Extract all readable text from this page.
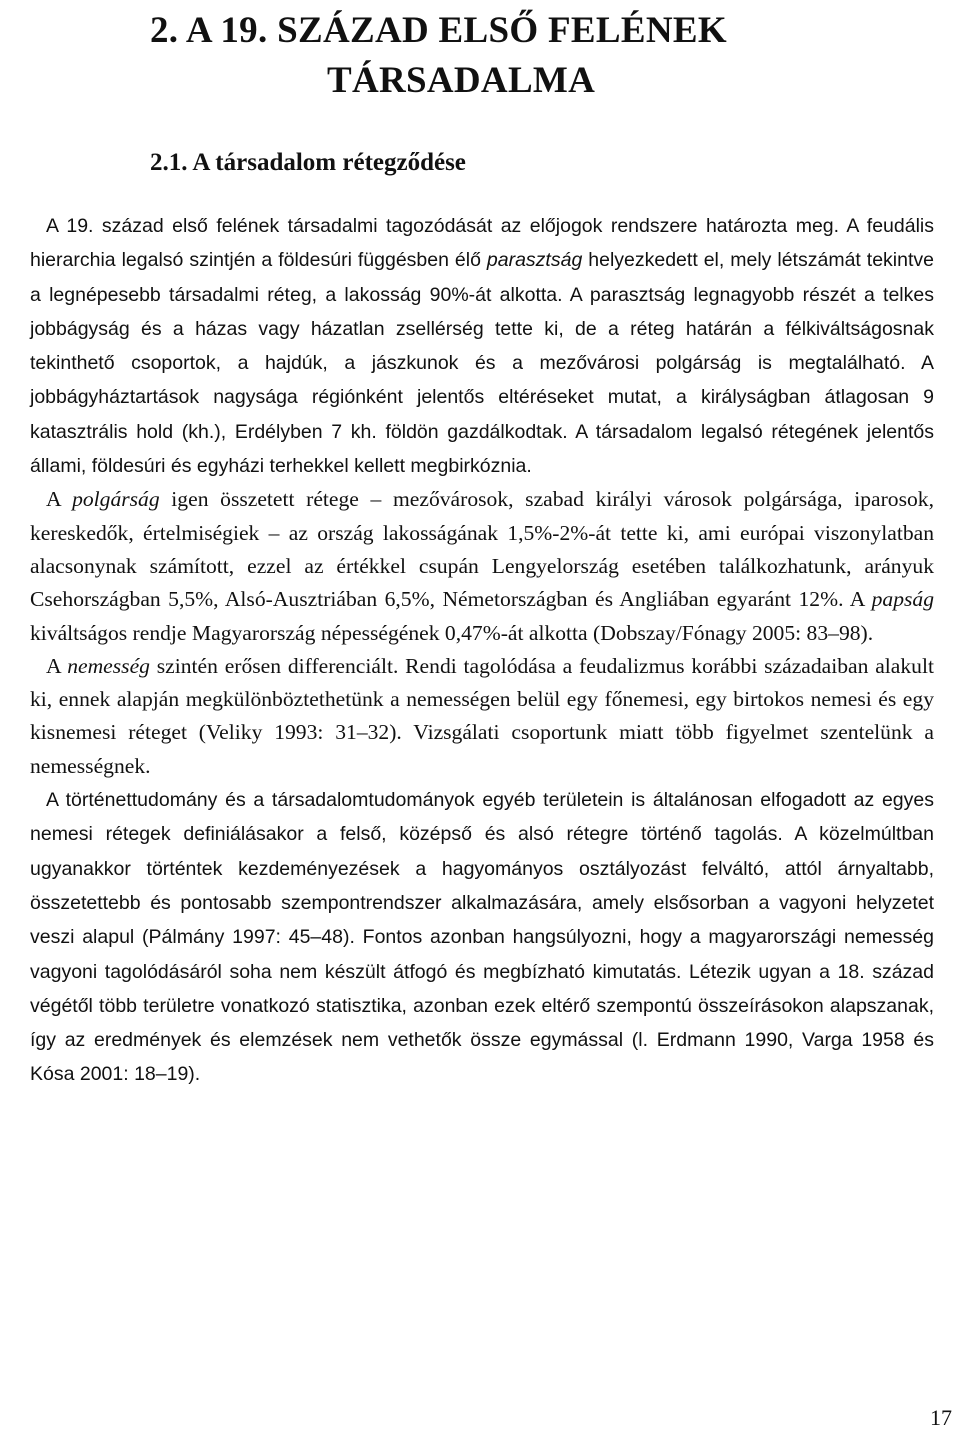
2. A 19. SZÁZAD ELSŐ FELÉNEK
TÁRSADALMA
2.1. A társadalom rétegződése

A 19. század első felének társadalmi tagozódását az előjogok rendszere határozta meg. A feudális hierarchia legalsó szintjén a földesúri függésben élő parasztság helyezkedett el, mely létszámát tekintve a legnépesebb társadalmi réteg, a lakosság 90%-át alkotta. A parasztság legnagyobb részét a telkes jobbágyság és a házas vagy házatlan zsellérség tette ki, de a réteg határán a félkiváltságosnak tekinthető csoportok, a hajdúk, a jászkunok és a mezővárosi polgárság is megtalálható. A jobbágyháztartások nagysága régiónként jelentős eltéréseket mutat, a királyságban átlagosan 9 katasztrális hold (kh.), Erdélyben 7 kh. földön gazdálkodtak. A társadalom legalsó rétegének jelentős állami, földesúri és egyházi terhekkel kellett megbirkóznia.

A polgárság igen összetett rétege – mezővárosok, szabad királyi városok polgársága, iparosok, kereskedők, értelmiségiek – az ország lakosságának 1,5%-2%-át tette ki, ami európai viszonylatban alacsonynak számított, ezzel az értékkel csupán Lengyelország esetében találkozhatunk, arányuk Csehországban 5,5%, Alsó-Ausztriában 6,5%, Németországban és Angliában egyaránt 12%. A papság kiváltságos rendje Magyarország népességének 0,47%-át alkotta (Dobszay/Fónagy 2005: 83–98).

A nemesség szintén erősen differenciált. Rendi tagolódása a feudalizmus korábbi századaiban alakult ki, ennek alapján megkülönböztethetünk a nemességen belül egy főnemesi, egy birtokos nemesi és egy kisnemesi réteget (Veliky 1993: 31–32). Vizsgálati csoportunk miatt több figyelmet szentelünk a nemességnek.

A történettudomány és a társadalomtudományok egyéb területein is általánosan elfogadott az egyes nemesi rétegek definiálásakor a felső, középső és alsó rétegre történő tagolás. A közelmúltban ugyanakkor történtek kezdeményezések a hagyományos osztályozást felváltó, attól árnyaltabb, összetettebb és pontosabb szempontrendszer alkalmazására, amely elsősorban a vagyoni helyzetet veszi alapul (Pálmány 1997: 45–48). Fontos azonban hangsúlyozni, hogy a magyarországi nemesség vagyoni tagolódásáról soha nem készült átfogó és megbízható kimutatás. Létezik ugyan a 18. század végétől több területre vonatkozó statisztika, azonban ezek eltérő szempontú összeírásokon alapszanak, így az eredmények és elemzések nem vethetők össze egymással (l. Erdmann 1990, Varga 1958 és Kósa 2001: 18–19).

17
